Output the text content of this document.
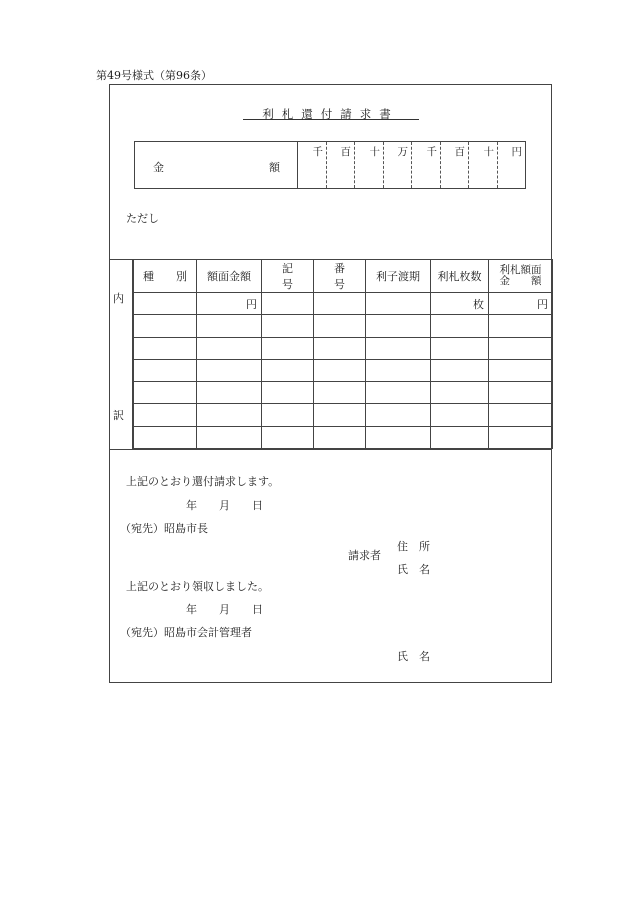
第49号様式（第96条）
利札還付請求書
金	額
千 百 十 万 千 百 十 円
ただし
内
訳
種　　別	額面金額	記　　号	番　　号	利子渡期	利札枚数	利札額面
金　　額

	円				枚	円

上記のとおり還付請求します。
年　　月　　日
（宛先）昭島市長
請求者
住　所
氏　名
上記のとおり領収しました。
年　　月　　日
（宛先）昭島市会計管理者
氏　名
